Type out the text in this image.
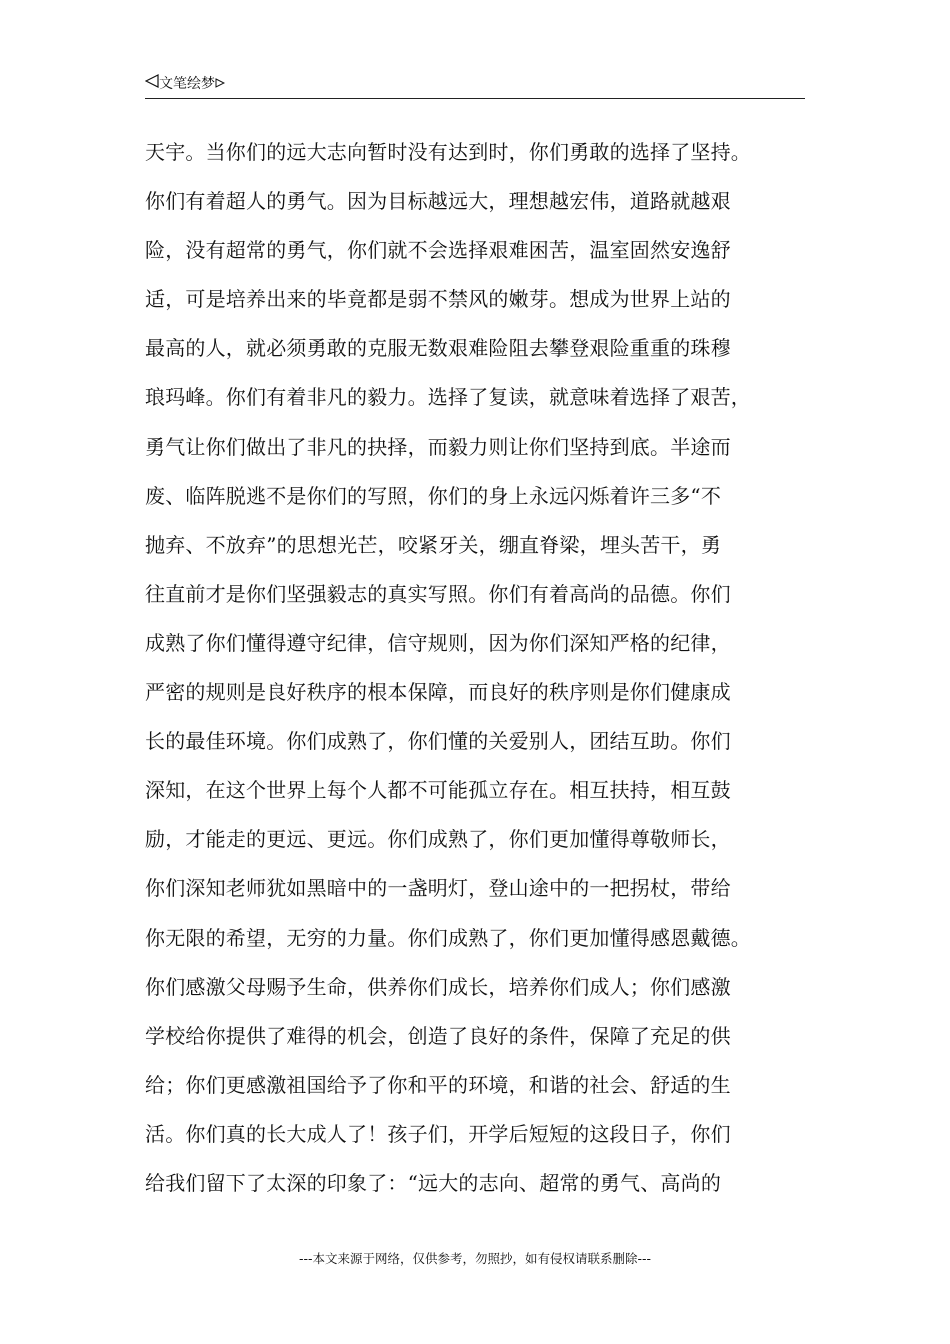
文笔绘梦
天宇。当你们的远大志向暂时没有达到时，你们勇敢的选择了坚持。
你们有着超人的勇气。因为目标越远大，理想越宏伟，道路就越艰
险，没有超常的勇气，你们就不会选择艰难困苦，温室固然安逸舒
适，可是培养出来的毕竟都是弱不禁风的嫩芽。想成为世界上站的
最高的人，就必须勇敢的克服无数艰难险阻去攀登艰险重重的珠穆
琅玛峰。你们有着非凡的毅力。选择了复读，就意味着选择了艰苦，
勇气让你们做出了非凡的抉择，而毅力则让你们坚持到底。半途而
废、临阵脱逃不是你们的写照，你们的身上永远闪烁着许三多“不
抛弃、不放弃”的思想光芒，咬紧牙关，绷直脊梁，埋头苦干，勇
往直前才是你们坚强毅志的真实写照。你们有着高尚的品德。你们
成熟了你们懂得遵守纪律，信守规则，因为你们深知严格的纪律，
严密的规则是良好秩序的根本保障，而良好的秩序则是你们健康成
长的最佳环境。你们成熟了，你们懂的关爱别人，团结互助。你们
深知，在这个世界上每个人都不可能孤立存在。相互扶持，相互鼓
励，才能走的更远、更远。你们成熟了，你们更加懂得尊敬师长，
你们深知老师犹如黑暗中的一盏明灯，登山途中的一把拐杖，带给
你无限的希望，无穷的力量。你们成熟了，你们更加懂得感恩戴德。
你们感激父母赐予生命，供养你们成长，培养你们成人；你们感激
学校给你提供了难得的机会，创造了良好的条件，保障了充足的供
给；你们更感激祖国给予了你和平的环境，和谐的社会、舒适的生
活。你们真的长大成人了！孩子们，开学后短短的这段日子，你们
给我们留下了太深的印象了：“远大的志向、超常的勇气、高尚的
---本文来源于网络，仅供参考，勿照抄，如有侵权请联系删除---
